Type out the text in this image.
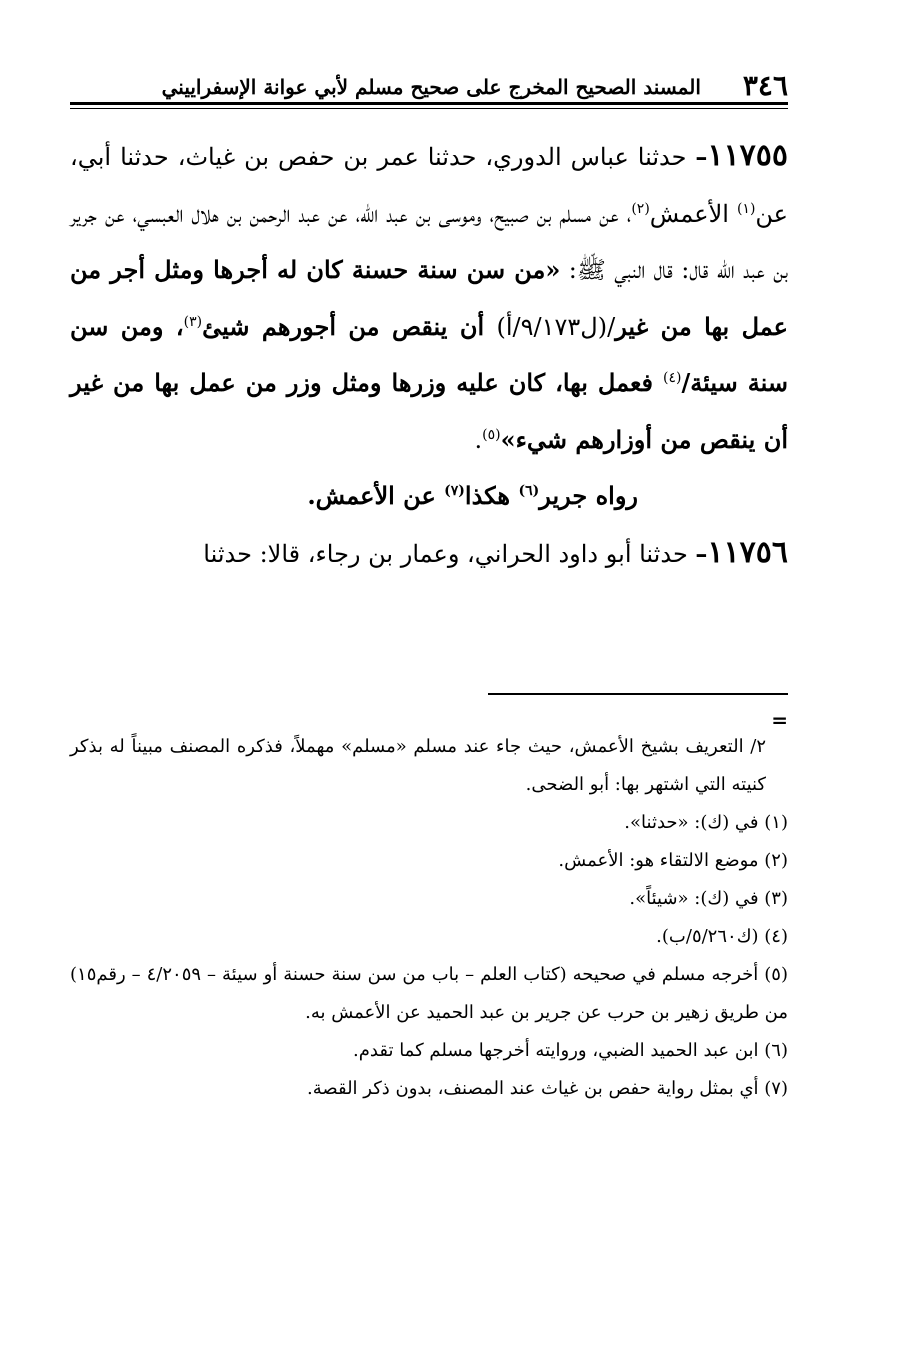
٣٤٦
المسند الصحيح المخرج على صحيح مسلم لأبي عوانة الإسفراييني

١١٧٥٥– حدثنا عباس الدوري، حدثنا عمر بن حفص بن غياث، حدثنا أبي، عن$^{(١)}$ الأعمش$^{(٢)}$، عن مسلم بن صبيح، وموسى بن عبد الله، عن عبد الرحمن بن هلال العبسي، عن جرير بن عبد الله قال: قال النبي ﷺ: «من سن سنة حسنة كان له أجرها ومثل أجر من عمل بها من غير/(ل٩/١٧٣/أ) أن ينقص من أجورهم شيئ$^{(٣)}$، ومن سن سنة سيئة/$^{(٤)}$ فعمل بها، كان عليه وزرها ومثل وزر من عمل بها من غير أن ينقص من أوزارهم شيء»$^{(٥)}$.

رواه جرير$^{(٦)}$ هكذا$^{(٧)}$ عن الأعمش.

١١٧٥٦– حدثنا أبو داود الحراني، وعمار بن رجاء، قالا: حدثنا

=

٢/ التعريف بشيخ الأعمش، حيث جاء عند مسلم «مسلم» مهملاً، فذكره المصنف مبيناً له بذكر كنيته التي اشتهر بها: أبو الضحى.

(١) في (ك): «حدثنا».

(٢) موضع الالتقاء هو: الأعمش.

(٣) في (ك): «شيئاً».

(٤) (ك٥/٢٦٠/ب).

(٥) أخرجه مسلم في صحيحه (كتاب العلم – باب من سن سنة حسنة أو سيئة – ٤/٢٠٥٩ – رقم١٥) من طريق زهير بن حرب عن جرير بن عبد الحميد عن الأعمش به.

(٦) ابن عبد الحميد الضبي، وروايته أخرجها مسلم كما تقدم.

(٧) أي بمثل رواية حفص بن غياث عند المصنف، بدون ذكر القصة.
